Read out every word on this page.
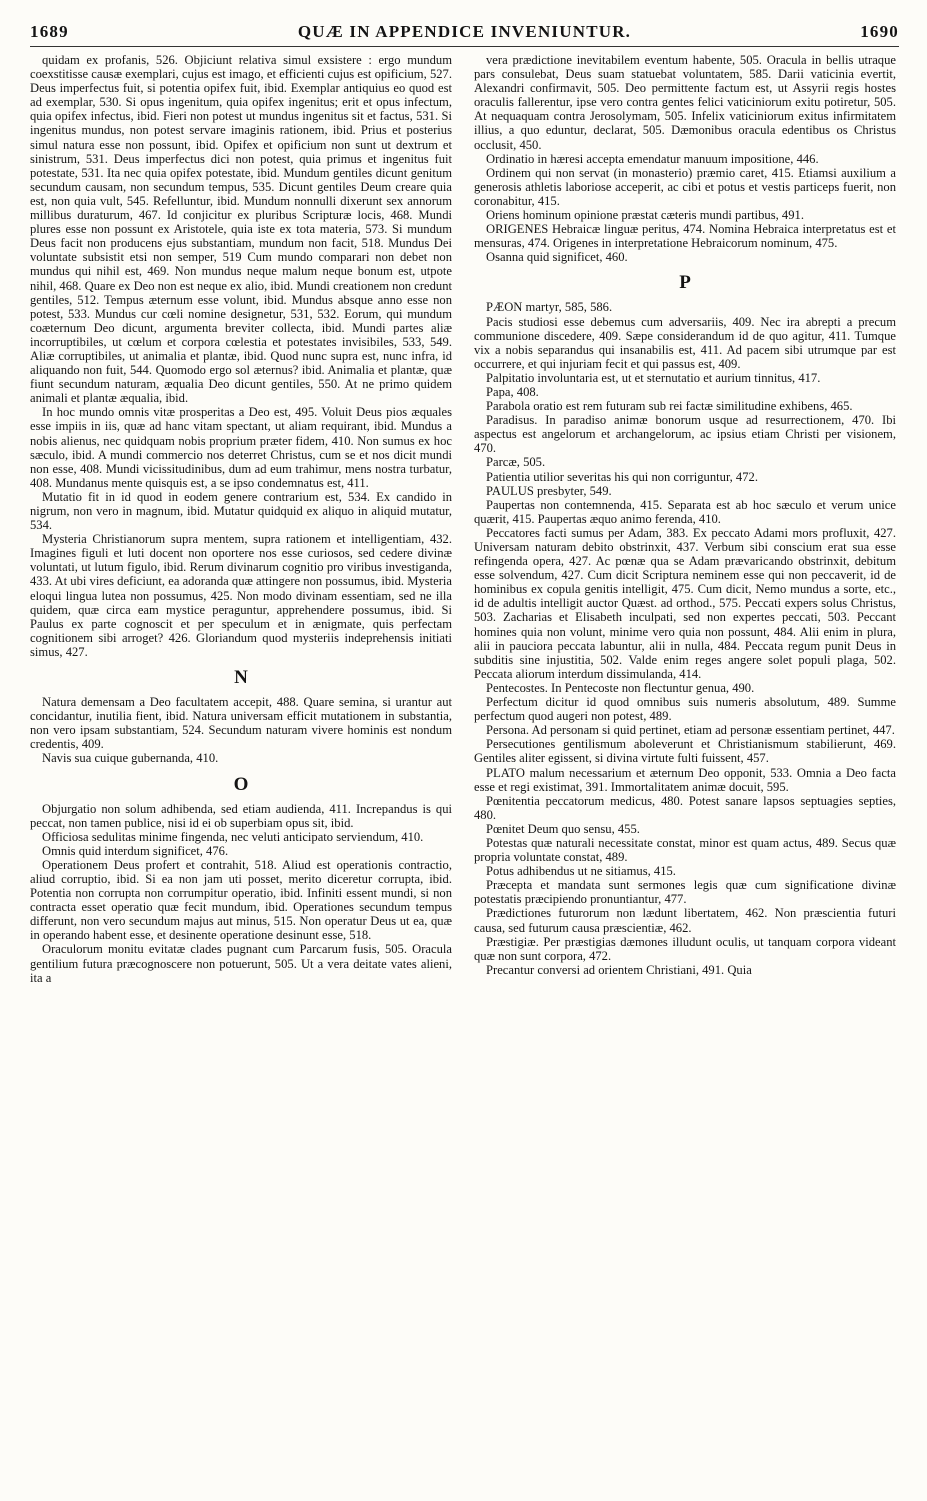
1689	QUÆ IN APPENDICE INVENIUNTUR.	1690

quidam ex profanis, 526. Objiciunt relativa simul exsistere : ergo mundum coexstitisse causæ exemplari, cujus est imago, et efficienti cujus est opificium, 527. Deus imperfectus fuit, si potentia opifex fuit, ibid. Exemplar antiquius eo quod est ad exemplar, 530. Si opus ingenitum, quia opifex ingenitus; erit et opus infectum, quia opifex infectus, ibid. Fieri non potest ut mundus ingenitus sit et factus, 531. Si ingenitus mundus, non potest servare imaginis rationem, ibid. Prius et posterius simul natura esse non possunt, ibid. Opifex et opificium non sunt ut dextrum et sinistrum, 531. Deus imperfectus dici non potest, quia primus et ingenitus fuit potestate, 531. Ita nec quia opifex potestate, ibid. Mundum gentiles dicunt genitum secundum causam, non secundum tempus, 535. Dicunt gentiles Deum creare quia est, non quia vult, 545. Refelluntur, ibid. Mundum nonnulli dixerunt sex annorum millibus duraturum, 467. Id conjicitur ex pluribus Scripturæ locis, 468. Mundi plures esse non possunt ex Aristotele, quia iste ex tota materia, 573. Si mundum Deus facit non producens ejus substantiam, mundum non facit, 518. Mundus Dei voluntate subsistit etsi non semper, 519 Cum mundo comparari non debet non mundus qui nihil est, 469. Non mundus neque malum neque bonum est, utpote nihil, 468. Quare ex Deo non est neque ex alio, ibid. Mundi creationem non credunt gentiles, 512. Tempus æternum esse volunt, ibid. Mundus absque anno esse non potest, 533. Mundus cur cœli nomine designetur, 531, 532. Eorum, qui mundum coæternum Deo dicunt, argumenta breviter collecta, ibid. Mundi partes aliæ incorruptibiles, ut cœlum et corpora cœlestia et potestates invisibiles, 533, 549. Aliæ corruptibiles, ut animalia et plantæ, ibid. Quod nunc supra est, nunc infra, id aliquando non fuit, 544. Quomodo ergo sol æternus? ibid. Animalia et plantæ, quæ fiunt secundum naturam, æqualia Deo dicunt gentiles, 550. At ne primo quidem animali et plantæ æqualia, ibid.

In hoc mundo omnis vitæ prosperitas a Deo est, 495. Voluit Deus pios æquales esse impiis in iis, quæ ad hanc vitam spectant, ut aliam requirant, ibid. Mundus a nobis alienus, nec quidquam nobis proprium præter fidem, 410. Non sumus ex hoc sæculo, ibid. A mundi commercio nos deterret Christus, cum se et nos dicit mundi non esse, 408. Mundi vicissitudinibus, dum ad eum trahimur, mens nostra turbatur, 408. Mundanus mente quisquis est, a se ipso condemnatus est, 411.

Mutatio fit in id quod in eodem genere contrarium est, 534. Ex candido in nigrum, non vero in magnum, ibid. Mutatur quidquid ex aliquo in aliquid mutatur, 534.

Mysteria Christianorum supra mentem, supra rationem et intelligentiam, 432. Imagines figuli et luti docent non oportere nos esse curiosos, sed cedere divinæ voluntati, ut lutum figulo, ibid. Rerum divinarum cognitio pro viribus investiganda, 433. At ubi vires deficiunt, ea adoranda quæ attingere non possumus, ibid. Mysteria eloqui lingua lutea non possumus, 425. Non modo divinam essentiam, sed ne illa quidem, quæ circa eam mystice peraguntur, apprehendere possumus, ibid. Si Paulus ex parte cognoscit et per speculum et in ænigmate, quis perfectam cognitionem sibi arroget? 426. Gloriandum quod mysteriis indeprehensis initiati simus, 427.

N

Natura demensam a Deo facultatem accepit, 488. Quare semina, si urantur aut concidantur, inutilia fient, ibid. Natura universam efficit mutationem in substantia, non vero ipsam substantiam, 524. Secundum naturam vivere hominis est nondum credentis, 409.

Navis sua cuique gubernanda, 410.

O

Objurgatio non solum adhibenda, sed etiam audienda, 411. Increpandus is qui peccat, non tamen publice, nisi id ei ob superbiam opus sit, ibid.

Officiosa sedulitas minime fingenda, nec veluti anticipato serviendum, 410.

Omnis quid interdum significet, 476.

Operationem Deus profert et contrahit, 518. Aliud est operationis contractio, aliud corruptio, ibid. Si ea non jam uti posset, merito diceretur corrupta, ibid. Potentia non corrupta non corrumpitur operatio, ibid. Infiniti essent mundi, si non contracta esset operatio quæ fecit mundum, ibid. Operationes secundum tempus differunt, non vero secundum majus aut minus, 515. Non operatur Deus ut ea, quæ in operando habent esse, et desinente operatione desinunt esse, 518.

Oraculorum monitu evitatæ clades pugnant cum Parcarum fusis, 505. Oracula gentilium futura præcognoscere non potuerunt, 505. Ut a vera deitate vates alieni, ita a

vera prædictione inevitabilem eventum habente, 505. Oracula in bellis utraque pars consulebat, Deus suam statuebat voluntatem, 585. Darii vaticinia evertit, Alexandri confirmavit, 505. Deo permittente factum est, ut Assyrii regis hostes oraculis fallerentur, ipse vero contra gentes felici vaticiniorum exitu potiretur, 505. At nequaquam contra Jerosolymam, 505. Infelix vaticiniorum exitus infirmitatem illius, a quo eduntur, declarat, 505. Dæmonibus oracula edentibus os Christus occlusit, 450.

Ordinatio in hæresi accepta emendatur manuum impositione, 446.

Ordinem qui non servat (in monasterio) præmio caret, 415. Etiamsi auxilium a generosis athletis laboriose acceperit, ac cibi et potus et vestis particeps fuerit, non coronabitur, 415.

Oriens hominum opinione præstat cæteris mundi partibus, 491.

ORIGENES Hebraicæ linguæ peritus, 474. Nomina Hebraica interpretatus est et mensuras, 474. Origenes in interpretatione Hebraicorum nominum, 475.

Osanna quid significet, 460.

P

PÆON martyr, 585, 586.

Pacis studiosi esse debemus cum adversariis, 409. Nec ira abrepti a precum communione discedere, 409. Sæpe considerandum id de quo agitur, 411. Tumque vix a nobis separandus qui insanabilis est, 411. Ad pacem sibi utrumque par est occurrere, et qui injuriam fecit et qui passus est, 409.

Palpitatio involuntaria est, ut et sternutatio et aurium tinnitus, 417.

Papa, 408.

Parabola oratio est rem futuram sub rei factæ similitudine exhibens, 465.

Paradisus. In paradiso animæ bonorum usque ad resurrectionem, 470. Ibi aspectus est angelorum et archangelorum, ac ipsius etiam Christi per visionem, 470.

Parcæ, 505.

Patientia utilior severitas his qui non corriguntur, 472.

PAULUS presbyter, 549.

Paupertas non contemnenda, 415. Separata est ab hoc sæculo et verum unice quærit, 415. Paupertas æquo animo ferenda, 410.

Peccatores facti sumus per Adam, 383. Ex peccato Adami mors profluxit, 427. Universam naturam debito obstrinxit, 437. Verbum sibi conscium erat sua esse refingenda opera, 427. Ac pœnæ qua se Adam prævaricando obstrinxit, debitum esse solvendum, 427. Cum dicit Scriptura neminem esse qui non peccaverit, id de hominibus ex copula genitis intelligit, 475. Cum dicit, Nemo mundus a sorte, etc., id de adultis intelligit auctor Quæst. ad orthod., 575. Peccati expers solus Christus, 503. Zacharias et Elisabeth inculpati, sed non expertes peccati, 503. Peccant homines quia non volunt, minime vero quia non possunt, 484. Alii enim in plura, alii in pauciora peccata labuntur, alii in nulla, 484. Peccata regum punit Deus in subditis sine injustitia, 502. Valde enim reges angere solet populi plaga, 502. Peccata aliorum interdum dissimulanda, 414.

Pentecostes. In Pentecoste non flectuntur genua, 490.

Perfectum dicitur id quod omnibus suis numeris absolutum, 489. Summe perfectum quod augeri non potest, 489.

Persona. Ad personam si quid pertinet, etiam ad personæ essentiam pertinet, 447.

Persecutiones gentilismum aboleverunt et Christianismum stabilierunt, 469. Gentiles aliter egissent, si divina virtute fulti fuissent, 457.

PLATO malum necessarium et æternum Deo opponit, 533. Omnia a Deo facta esse et regi existimat, 391. Immortalitatem animæ docuit, 595.

Pœnitentia peccatorum medicus, 480. Potest sanare lapsos septuagies septies, 480.

Pœnitet Deum quo sensu, 455.

Potestas quæ naturali necessitate constat, minor est quam actus, 489. Secus quæ propria voluntate constat, 489.

Potus adhibendus ut ne sitiamus, 415.

Præcepta et mandata sunt sermones legis quæ cum significatione divinæ potestatis præcipiendo pronuntiantur, 477.

Prædictiones futurorum non lædunt libertatem, 462. Non præscientia futuri causa, sed futurum causa præscientiæ, 462.

Præstigiæ. Per præstigias dæmones illudunt oculis, ut tanquam corpora videant quæ non sunt corpora, 472.

Precantur conversi ad orientem Christiani, 491. Quia
